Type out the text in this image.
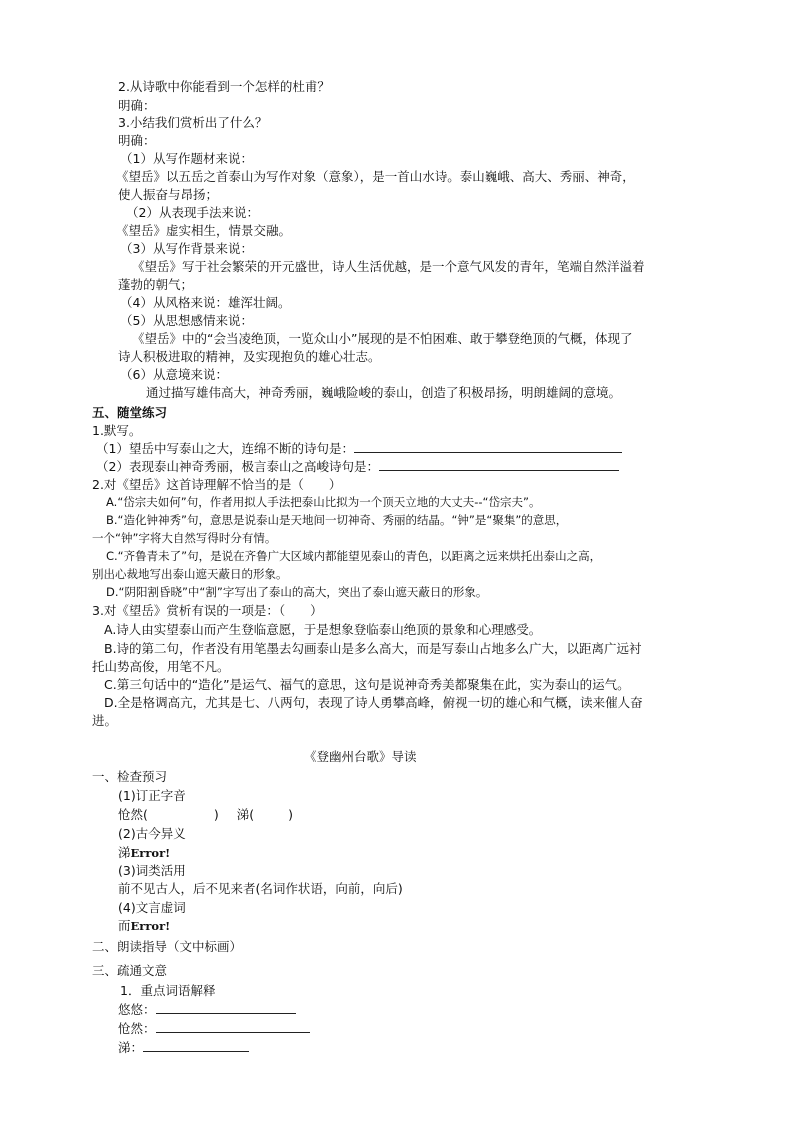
2.从诗歌中你能看到一个怎样的杜甫？
明确：
3.小结我们赏析出了什么？
明确：
（1）从写作题材来说：
《望岳》以五岳之首泰山为写作对象（意象），是一首山水诗。泰山巍峨、高大、秀丽、神奇，
使人振奋与昂扬；
（2）从表现手法来说：
《望岳》虚实相生，情景交融。
（3）从写作背景来说：
《望岳》写于社会繁荣的开元盛世，诗人生活优越，是一个意气风发的青年，笔端自然洋溢着
蓬勃的朝气；
（4）从风格来说：雄浑壮阔。
（5）从思想感情来说：
《望岳》中的“会当凌绝顶，一览众山小”展现的是不怕困难、敢于攀登绝顶的气概，体现了
诗人积极进取的精神，及实现抱负的雄心壮志。
（6）从意境来说：
通过描写雄伟高大，神奇秀丽，巍峨险峻的泰山，创造了积极昂扬，明朗雄阔的意境。
五、随堂练习
1.默写。
（1）望岳中写泰山之大，连绵不断的诗句是：
（2）表现泰山神奇秀丽，极言泰山之高峻诗句是：
2.对《望岳》这首诗理解不恰当的是（　　）
A.“岱宗夫如何”句，作者用拟人手法把泰山比拟为一个顶天立地的大丈夫--“岱宗夫”。
B.“造化钟神秀”句，意思是说泰山是天地间一切神奇、秀丽的结晶。“钟”是“聚集”的意思，
一个“钟”字将大自然写得时分有情。
C.“齐鲁青未了”句，是说在齐鲁广大区域内都能望见泰山的青色，以距离之远来烘托出泰山之高，
别出心裁地写出泰山遮天蔽日的形象。
D.“阴阳割昏晓”中“割”字写出了泰山的高大，突出了泰山遮天蔽日的形象。
3.对《望岳》赏析有误的一项是：（　　）
A.诗人由实望泰山而产生登临意愿，于是想象登临泰山绝顶的景象和心理感受。
B.诗的第二句，作者没有用笔墨去勾画泰山是多么高大，而是写泰山占地多么广大，以距离广远衬
托山势高俊，用笔不凡。
C.第三句话中的“造化”是运气、福气的意思，这句是说神奇秀美都聚集在此，实为泰山的运气。
D.全是格调高亢，尤其是七、八两句，表现了诗人勇攀高峰，俯视一切的雄心和气概，读来催人奋
进。
《登幽州台歌》导读
一、检查预习
(1)订正字音
怆然(	) 涕(	)
(2)古今异义
涕Error!
(3)词类活用
前不见古人，后不见来者(名词作状语，向前，向后)
(4)文言虚词
而Error!
二、朗读指导（文中标画）
三、疏通文意
1．重点词语解释
悠悠：
怆然：
涕：
